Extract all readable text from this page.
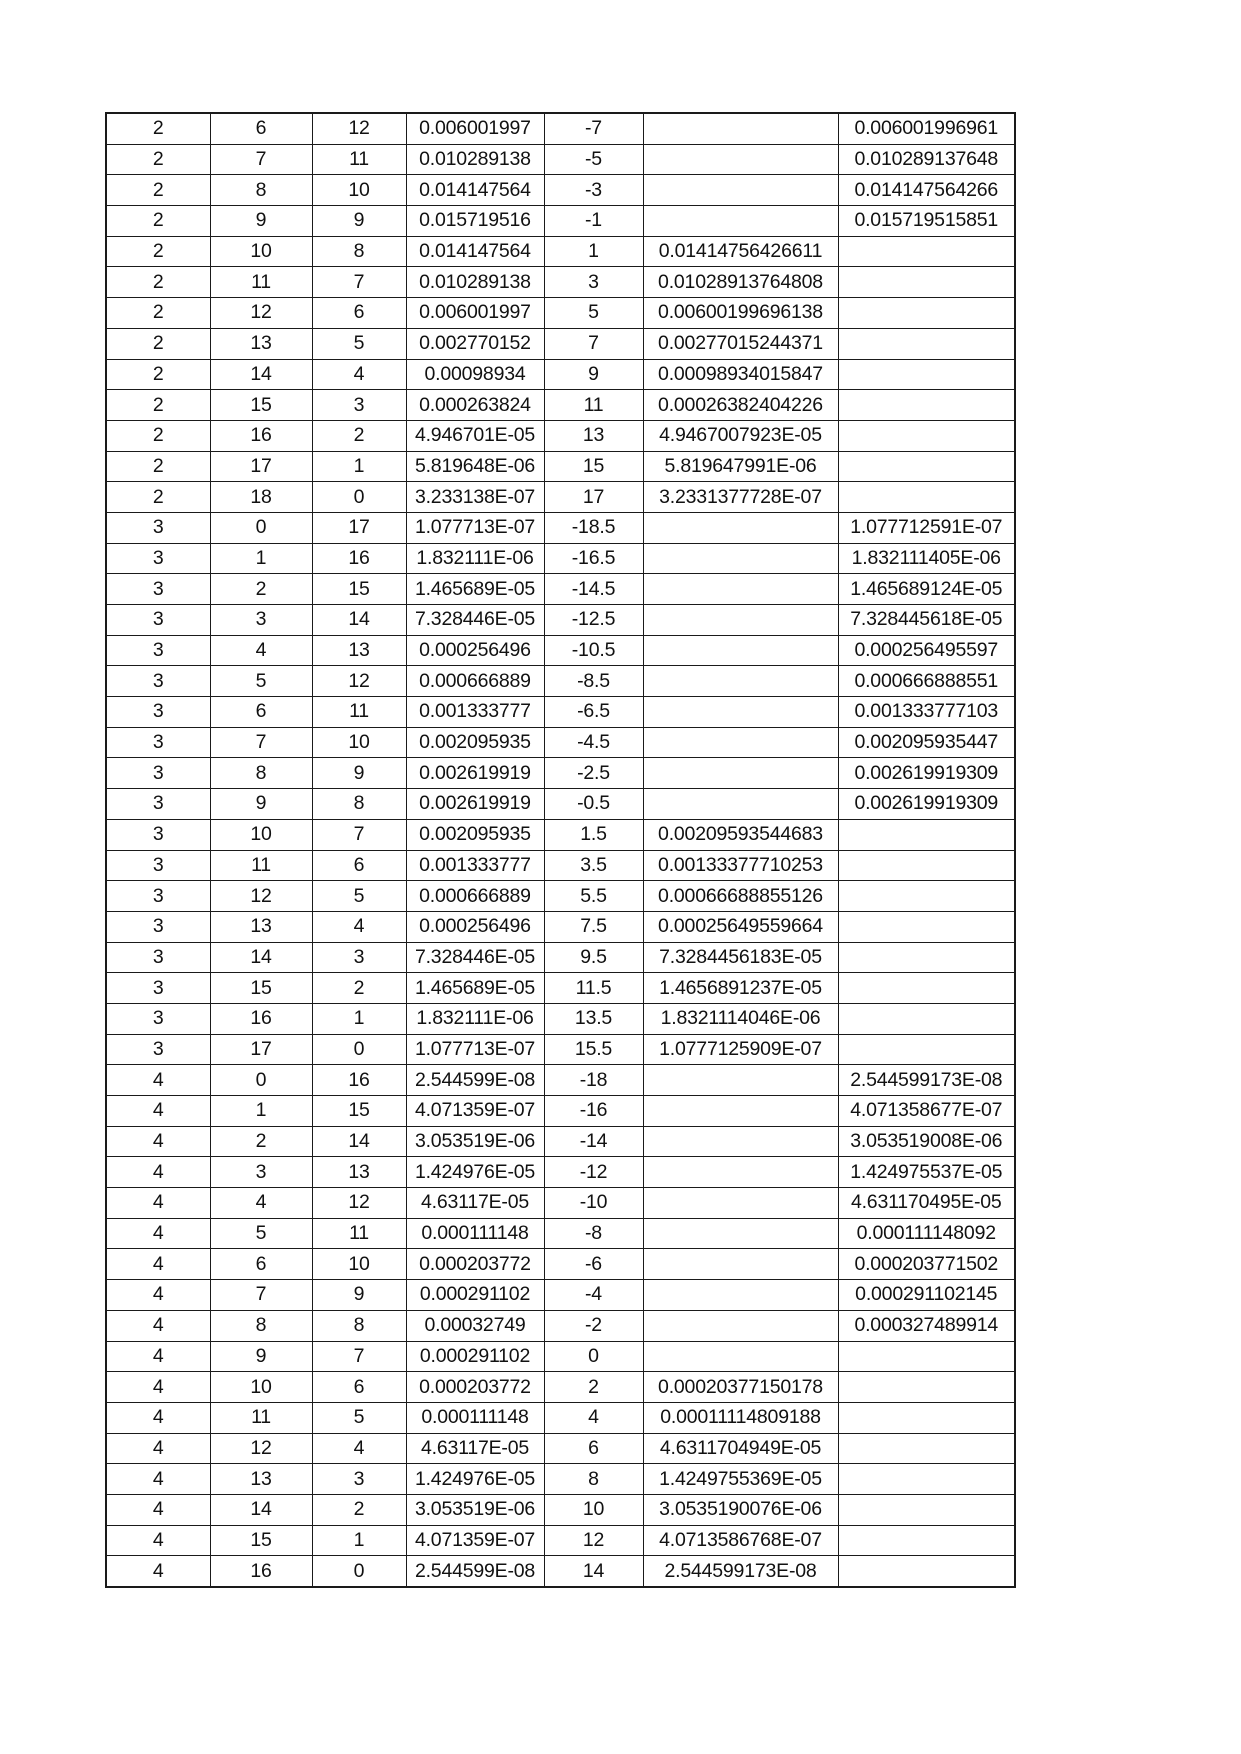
2	6	12	0.006001997	-7		0.006001996961
2	7	11	0.010289138	-5		0.010289137648
2	8	10	0.014147564	-3		0.014147564266
2	9	9	0.015719516	-1		0.015719515851
2	10	8	0.014147564	1	0.01414756426611	
2	11	7	0.010289138	3	0.01028913764808	
2	12	6	0.006001997	5	0.00600199696138	
2	13	5	0.002770152	7	0.00277015244371	
2	14	4	0.00098934	9	0.00098934015847	
2	15	3	0.000263824	11	0.00026382404226	
2	16	2	4.946701E-05	13	4.9467007923E-05	
2	17	1	5.819648E-06	15	5.819647991E-06	
2	18	0	3.233138E-07	17	3.2331377728E-07	
3	0	17	1.077713E-07	-18.5		1.077712591E-07
3	1	16	1.832111E-06	-16.5		1.832111405E-06
3	2	15	1.465689E-05	-14.5		1.465689124E-05
3	3	14	7.328446E-05	-12.5		7.328445618E-05
3	4	13	0.000256496	-10.5		0.000256495597
3	5	12	0.000666889	-8.5		0.000666888551
3	6	11	0.001333777	-6.5		0.001333777103
3	7	10	0.002095935	-4.5		0.002095935447
3	8	9	0.002619919	-2.5		0.002619919309
3	9	8	0.002619919	-0.5		0.002619919309
3	10	7	0.002095935	1.5	0.00209593544683	
3	11	6	0.001333777	3.5	0.00133377710253	
3	12	5	0.000666889	5.5	0.00066688855126	
3	13	4	0.000256496	7.5	0.00025649559664	
3	14	3	7.328446E-05	9.5	7.3284456183E-05	
3	15	2	1.465689E-05	11.5	1.4656891237E-05	
3	16	1	1.832111E-06	13.5	1.8321114046E-06	
3	17	0	1.077713E-07	15.5	1.0777125909E-07	
4	0	16	2.544599E-08	-18		2.544599173E-08
4	1	15	4.071359E-07	-16		4.071358677E-07
4	2	14	3.053519E-06	-14		3.053519008E-06
4	3	13	1.424976E-05	-12		1.424975537E-05
4	4	12	4.63117E-05	-10		4.631170495E-05
4	5	11	0.000111148	-8		0.000111148092
4	6	10	0.000203772	-6		0.000203771502
4	7	9	0.000291102	-4		0.000291102145
4	8	8	0.00032749	-2		0.000327489914
4	9	7	0.000291102	0		
4	10	6	0.000203772	2	0.00020377150178	
4	11	5	0.000111148	4	0.00011114809188	
4	12	4	4.63117E-05	6	4.6311704949E-05	
4	13	3	1.424976E-05	8	1.4249755369E-05	
4	14	2	3.053519E-06	10	3.0535190076E-06	
4	15	1	4.071359E-07	12	4.0713586768E-07	
4	16	0	2.544599E-08	14	2.544599173E-08	
